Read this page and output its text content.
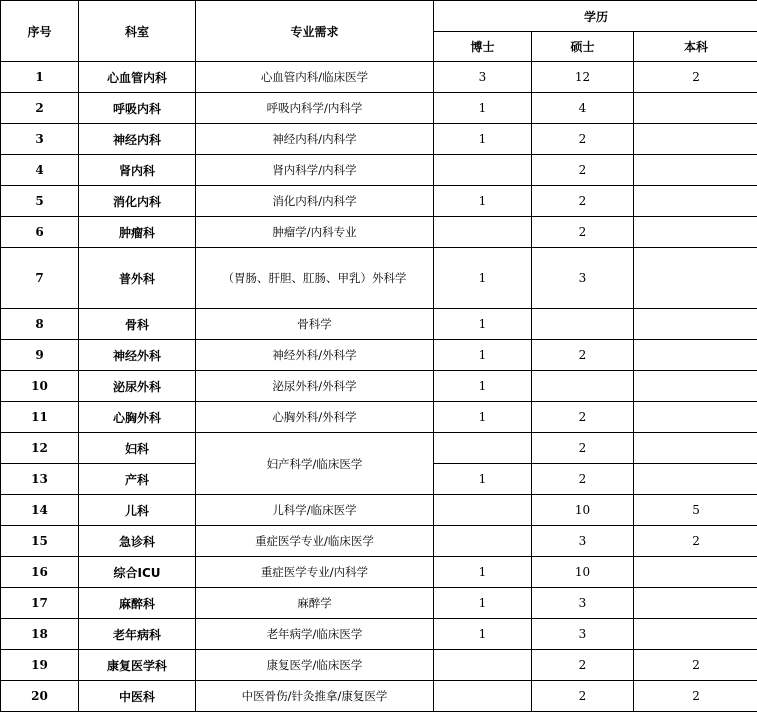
序号	科室	专业需求	学历		
			博士	硕士	本科
1	心血管内科	心血管内科/临床医学	3	12	2
2	呼吸内科	呼吸内科学/内科学	1	4	
3	神经内科	神经内科/内科学	1	2	
4	肾内科	肾内科学/内科学		2	
5	消化内科	消化内科/内科学	1	2	
6	肿瘤科	肿瘤学/内科专业		2	
7	普外科	（胃肠、肝胆、肛肠、甲乳）外科学	1	3	
8	骨科	骨科学	1		
9	神经外科	神经外科/外科学	1	2	
10	泌尿外科	泌尿外科/外科学	1		
11	心胸外科	心胸外科/外科学	1	2	
12	妇科	妇产科学/临床医学		2	
13	产科		1	2	
14	儿科	儿科学/临床医学		10	5
15	急诊科	重症医学专业/临床医学		3	2
16	综合ICU	重症医学专业/内科学	1	10	
17	麻醉科	麻醉学	1	3	
18	老年病科	老年病学/临床医学	1	3	
19	康复医学科	康复医学/临床医学		2	2
20	中医科	中医骨伤/针灸推拿/康复医学		2	2
